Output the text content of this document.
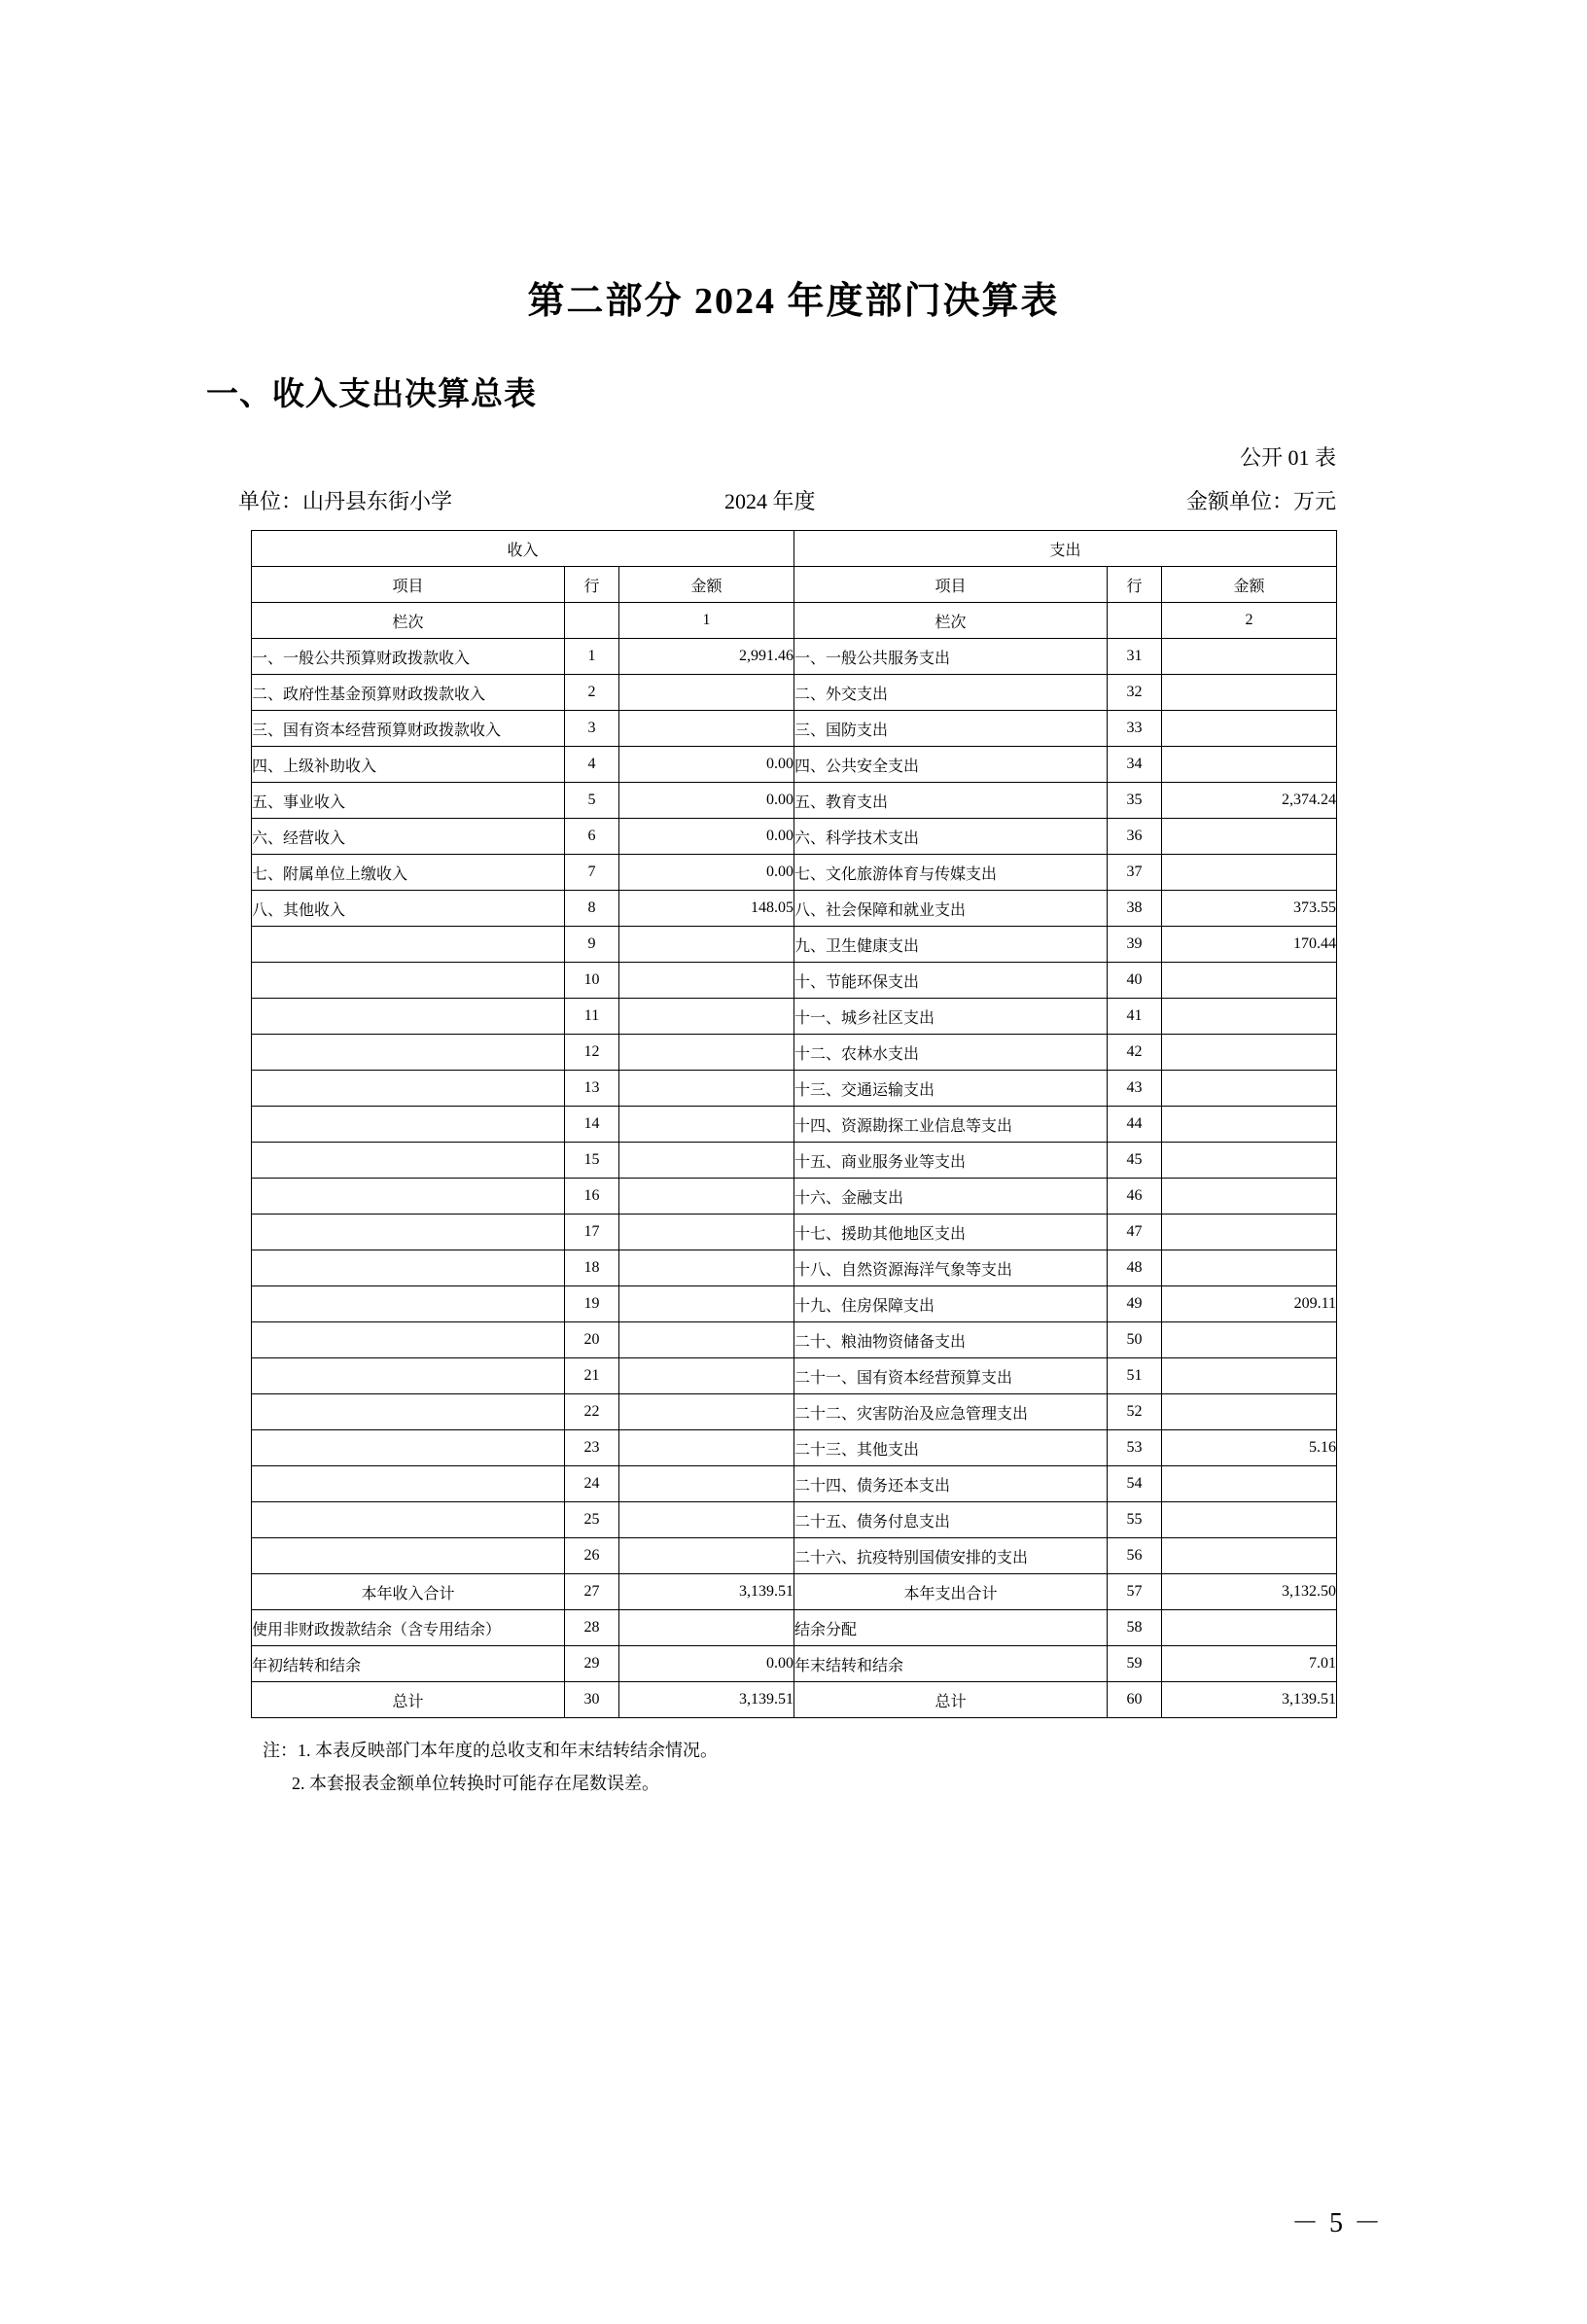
第二部分 2024 年度部门决算表
一、收入支出决算总表
公开 01 表
单位：山丹县东街小学	2024 年度	金额单位：万元
收入			支出		
项目	行	金额	项目	行	金额
栏次		1	栏次		2
一、一般公共预算财政拨款收入	1	2,991.46	一、一般公共服务支出	31	
二、政府性基金预算财政拨款收入	2		二、外交支出	32	
三、国有资本经营预算财政拨款收入	3		三、国防支出	33	
四、上级补助收入	4	0.00	四、公共安全支出	34	
五、事业收入	5	0.00	五、教育支出	35	2,374.24
六、经营收入	6	0.00	六、科学技术支出	36	
七、附属单位上缴收入	7	0.00	七、文化旅游体育与传媒支出	37	
八、其他收入	8	148.05	八、社会保障和就业支出	38	373.55
	9		九、卫生健康支出	39	170.44
	10		十、节能环保支出	40	
	11		十一、城乡社区支出	41	
	12		十二、农林水支出	42	
	13		十三、交通运输支出	43	
	14		十四、资源勘探工业信息等支出	44	
	15		十五、商业服务业等支出	45	
	16		十六、金融支出	46	
	17		十七、援助其他地区支出	47	
	18		十八、自然资源海洋气象等支出	48	
	19		十九、住房保障支出	49	209.11
	20		二十、粮油物资储备支出	50	
	21		二十一、国有资本经营预算支出	51	
	22		二十二、灾害防治及应急管理支出	52	
	23		二十三、其他支出	53	5.16
	24		二十四、债务还本支出	54	
	25		二十五、债务付息支出	55	
	26		二十六、抗疫特别国债安排的支出	56	
本年收入合计	27	3,139.51	本年支出合计	57	3,132.50
使用非财政拨款结余（含专用结余）	28		结余分配	58	
年初结转和结余	29	0.00	年末结转和结余	59	7.01
总计	30	3,139.51	总计	60	3,139.51
注：1. 本表反映部门本年度的总收支和年末结转结余情况。
2. 本套报表金额单位转换时可能存在尾数误差。
－ 5 －
